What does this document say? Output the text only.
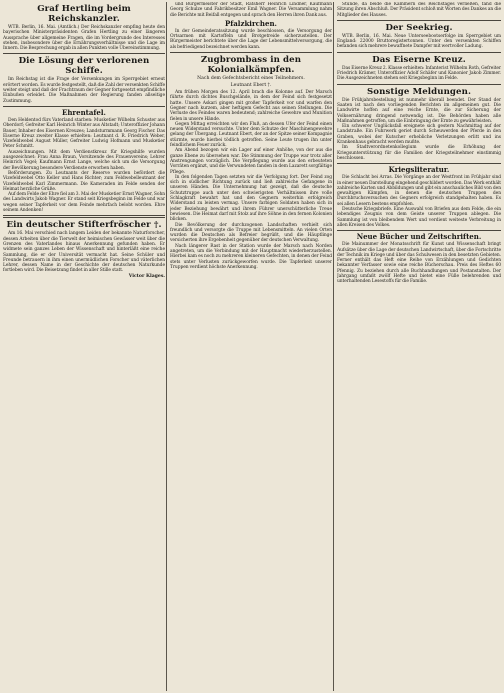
Graf Hertling beim Reichskanzler.

WTB. Berlin, 16. Mai. (Amtlich.) Der Reichskanzler empfing heute den bayerischen Ministerpräsidenten Grafen Hertling zu einer längeren Aussprache über allgemeine Fragen, die im Vordergrunde des Interesses stehen, insbesondere über die Ernährungsverhältnisse und die Lage im Innern. Die Besprechung ergab in allen Punkten volle Übereinstimmung.

Die Lösung der verlorenen Schiffe.

Im Reichstag ist die Frage der Versenkungen im Sperrgebiet erneut erörtert worden. Es wurde festgestellt, daß die Zahl der versenkten Schiffe weiter steigt und daß der Frachtraum der Gegner fortgesetzt empfindliche Einbußen erleidet. Die Maßnahmen der Regierung fanden allseitige Zustimmung.

Ehrentafel.

Den Heldentod fürs Vaterland starben: Musketier Wilhelm Schuster aus Oberdorf; Gefreiter Karl Heinrich Winter aus Altstadt; Unteroffizier Johann Bauer, Inhaber des Eisernen Kreuzes; Landsturmmann Georg Fischer. Das Eiserne Kreuz zweiter Klasse erhielten: Leutnant d. R. Friedrich Weber, Vizefeldwebel August Müller, Gefreiter Ludwig Hofmann und Musketier Peter Schmitt.

Auszeichnungen. Mit dem Verdienstkreuz für Kriegshilfe wurden ausgezeichnet: Frau Anna Braun, Vorsitzende des Frauenvereins; Lehrer Heinrich Vogel; Kaufmann Ernst Lange, welche sich um die Versorgung der Bevölkerung besondere Verdienste erworben haben.

Beförderungen. Zu Leutnants der Reserve wurden befördert die Vizefeldwebel Otto Keller und Hans Richter; zum Feldwebelleutnant der Vizefeldwebel Karl Zimmermann. Die Kameraden im Felde senden der Heimat herzliche Grüße.

Auf dem Felde der Ehre fiel am 3. Mai der Musketier Ernst Wagner, Sohn des Landwirts Jakob Wagner. Er stand seit Kriegsbeginn im Felde und war wegen seiner Tapferkeit vor dem Feinde mehrfach belobt worden. Ehre seinem Andenken!

Ein deutscher Stifterfröscher †.

Am 16. Mai verschied nach langem Leiden der bekannte Naturforscher, dessen Arbeiten über die Tierwelt der heimischen Gewässer weit über die Grenzen des Vaterlandes hinaus Anerkennung gefunden haben. Er widmete sein ganzes Leben der Wissenschaft und hinterläßt eine reiche Sammlung, die er der Universität vermacht hat. Seine Schüler und Freunde betrauern in ihm einen unermüdlichen Forscher und väterlichen Lehrer, dessen Name in der Geschichte der deutschen Naturkunde fortleben wird. Die Beisetzung findet in aller Stille statt.

Victor Klages.

und Bürgermeister der Stadt, Ratsherr Heinrich Lindner, Kaufmann Georg Schulze und Fabrikbesitzer Emil Wagner. Die Versammlung nahm die Berichte mit Beifall entgegen und sprach den Herren ihren Dank aus.

Pfalzkirchen.

In der Gemeinderatssitzung wurde beschlossen, die Versorgung der Ortsarmen mit Kartoffeln und Brotgetreide sicherzustellen. Der Bürgermeister berichtete über die Lage der Lebensmittelversorgung, die als befriedigend bezeichnet werden kann.

Zugbrombass in den Kolonialkämpfen.
Nach dem Gefechtsbericht eines Teilnehmers.
Leutnant Ebert †.

Am frühen Morgen des 12. April brach die Kolonne auf. Der Marsch führte durch dichtes Buschgelände, in dem der Feind sich festgesetzt hatte. Unsere Askari gingen mit großer Tapferkeit vor und warfen den Gegner nach kurzem, aber heftigem Gefecht aus seinen Stellungen. Die Verluste des Feindes waren bedeutend; zahlreiche Gewehre und Munition fielen in unsere Hände.

Gegen Mittag erreichten wir den Fluß, an dessen Ufer der Feind einen neuen Widerstand versuchte. Unter dem Schutze der Maschinengewehre gelang der Übergang. Leutnant Ebert, der an der Spitze seiner Kompagnie stürmte, wurde hierbei tödlich getroffen. Seine Leute trugen ihn unter feindlichem Feuer zurück.

Am Abend bezogen wir ein Lager auf einer Anhöhe, von der aus die ganze Ebene zu übersehen war. Die Stimmung der Truppe war trotz aller Anstrengungen vorzüglich. Die Verpflegung wurde aus den erbeuteten Vorräten ergänzt, und die Verwundeten fanden in dem Lazarett sorgfältige Pflege.

In den folgenden Tagen setzten wir die Verfolgung fort. Der Feind zog sich in südlicher Richtung zurück und ließ zahlreiche Gefangene in unseren Händen. Die Unternehmung hat gezeigt, daß die deutsche Schutztruppe auch unter den schwierigsten Verhältnissen ihre volle Schlagkraft bewahrt hat und den Gegnern weiterhin erfolgreich Widerstand zu leisten vermag. Unsere farbigen Soldaten haben sich in jeder Beziehung bewährt und ihrem Führer unerschütterliche Treue bewiesen. Die Heimat darf mit Stolz auf ihre Söhne in den fernen Kolonien blicken.

Die Bevölkerung der durchzogenen Landschaften verhielt sich freundlich und versorgte die Truppe mit Lebensmitteln. An vielen Orten wurden die Deutschen als Befreier begrüßt, und die Häuptlinge versicherten ihre Ergebenheit gegenüber der deutschen Verwaltung.

Nach längerer Rast in der Station wurde der Marsch nach Norden angetreten, um die Verbindung mit der Hauptmacht wiederherzustellen. Hierbei kam es noch zu mehreren kleineren Gefechten, in denen der Feind stets unter Verlusten zurückgeworfen wurde. Die Tapferkeit unserer Truppen verdient höchste Anerkennung.

Stunde, da beide die Kammern des Reichstages verließen, fand die Sitzung ihren Abschluß. Der Präsident schloß mit Worten des Dankes an die Mitglieder des Hauses.

Der Seekrieg.

WTB. Berlin, 16. Mai. Neue Unterseebootserfolge im Sperrgebiet um England: 22000 Bruttoregistertonnen. Unter den versenkten Schiffen befanden sich mehrere bewaffnete Dampfer mit wertvoller Ladung.

Das Eiserne Kreuz.

Das Eiserne Kreuz 2. Klasse erhielten: Infanterist Wilhelm Roth, Gefreiter Friedrich Krämer, Unteroffizier Adolf Schäfer und Kanonier Jakob Zimmer. Die Ausgezeichneten stehen seit Kriegsbeginn im Felde.

Sonstige Meldungen.

Die Frühjahrsbestellung ist nunmehr überall beendet. Der Stand der Saaten ist nach den vorliegenden Berichten im allgemeinen gut. Die Landwirte hoffen auf eine reiche Ernte, die zur Sicherung der Volksernährung dringend notwendig ist. Die Behörden haben alle Maßnahmen getroffen, um die Einbringung der Ernte zu gewährleisten.

Ein schwerer Unglücksfall ereignete sich gestern Nachmittag auf der Landstraße. Ein Fuhrwerk geriet durch Scheuwerden der Pferde in den Graben, wobei der Kutscher erhebliche Verletzungen erlitt und ins Krankenhaus gebracht werden mußte.

Im Stadtverordnetenkollegium wurde die Erhöhung der Kriegsunterstützung für die Familien der Kriegsteilnehmer einstimmig beschlossen.

Kriegsliteratur.

Die Schlacht bei Arras. Die Vorgänge an der Westfront im Frühjahr sind in einer neuen Darstellung eingehend geschildert worden. Das Werk enthält zahlreiche Karten und Abbildungen und gibt ein anschauliches Bild von den gewaltigen Kämpfen, in denen die deutschen Truppen den Durchbruchsversuchen des Gegners erfolgreich standgehalten haben. Es sei allen Lesern bestens empfohlen.

Deutsche Kriegsbriefe. Eine Auswahl von Briefen aus dem Felde, die ein lebendiges Zeugnis von dem Geiste unserer Truppen ablegen. Die Sammlung ist von bleibendem Wert und verdient weiteste Verbreitung in allen Kreisen des Volkes.

Neue Bücher und Zeitschriften.

Die Mainummer der Monatsschrift für Kunst und Wissenschaft bringt Aufsätze über die Lage der deutschen Landwirtschaft, über die Fortschritte der Technik im Kriege und über das Schulwesen in den besetzten Gebieten. Ferner enthält das Heft eine Reihe von Erzählungen und Gedichten bekannter Verfasser sowie eine reiche Bücherschau. Preis des Heftes 60 Pfennig. Zu beziehen durch alle Buchhandlungen und Postanstalten. Der Jahrgang umfaßt zwölf Hefte und bietet eine Fülle belehrenden und unterhaltenden Lesestoffs für die Familie.
